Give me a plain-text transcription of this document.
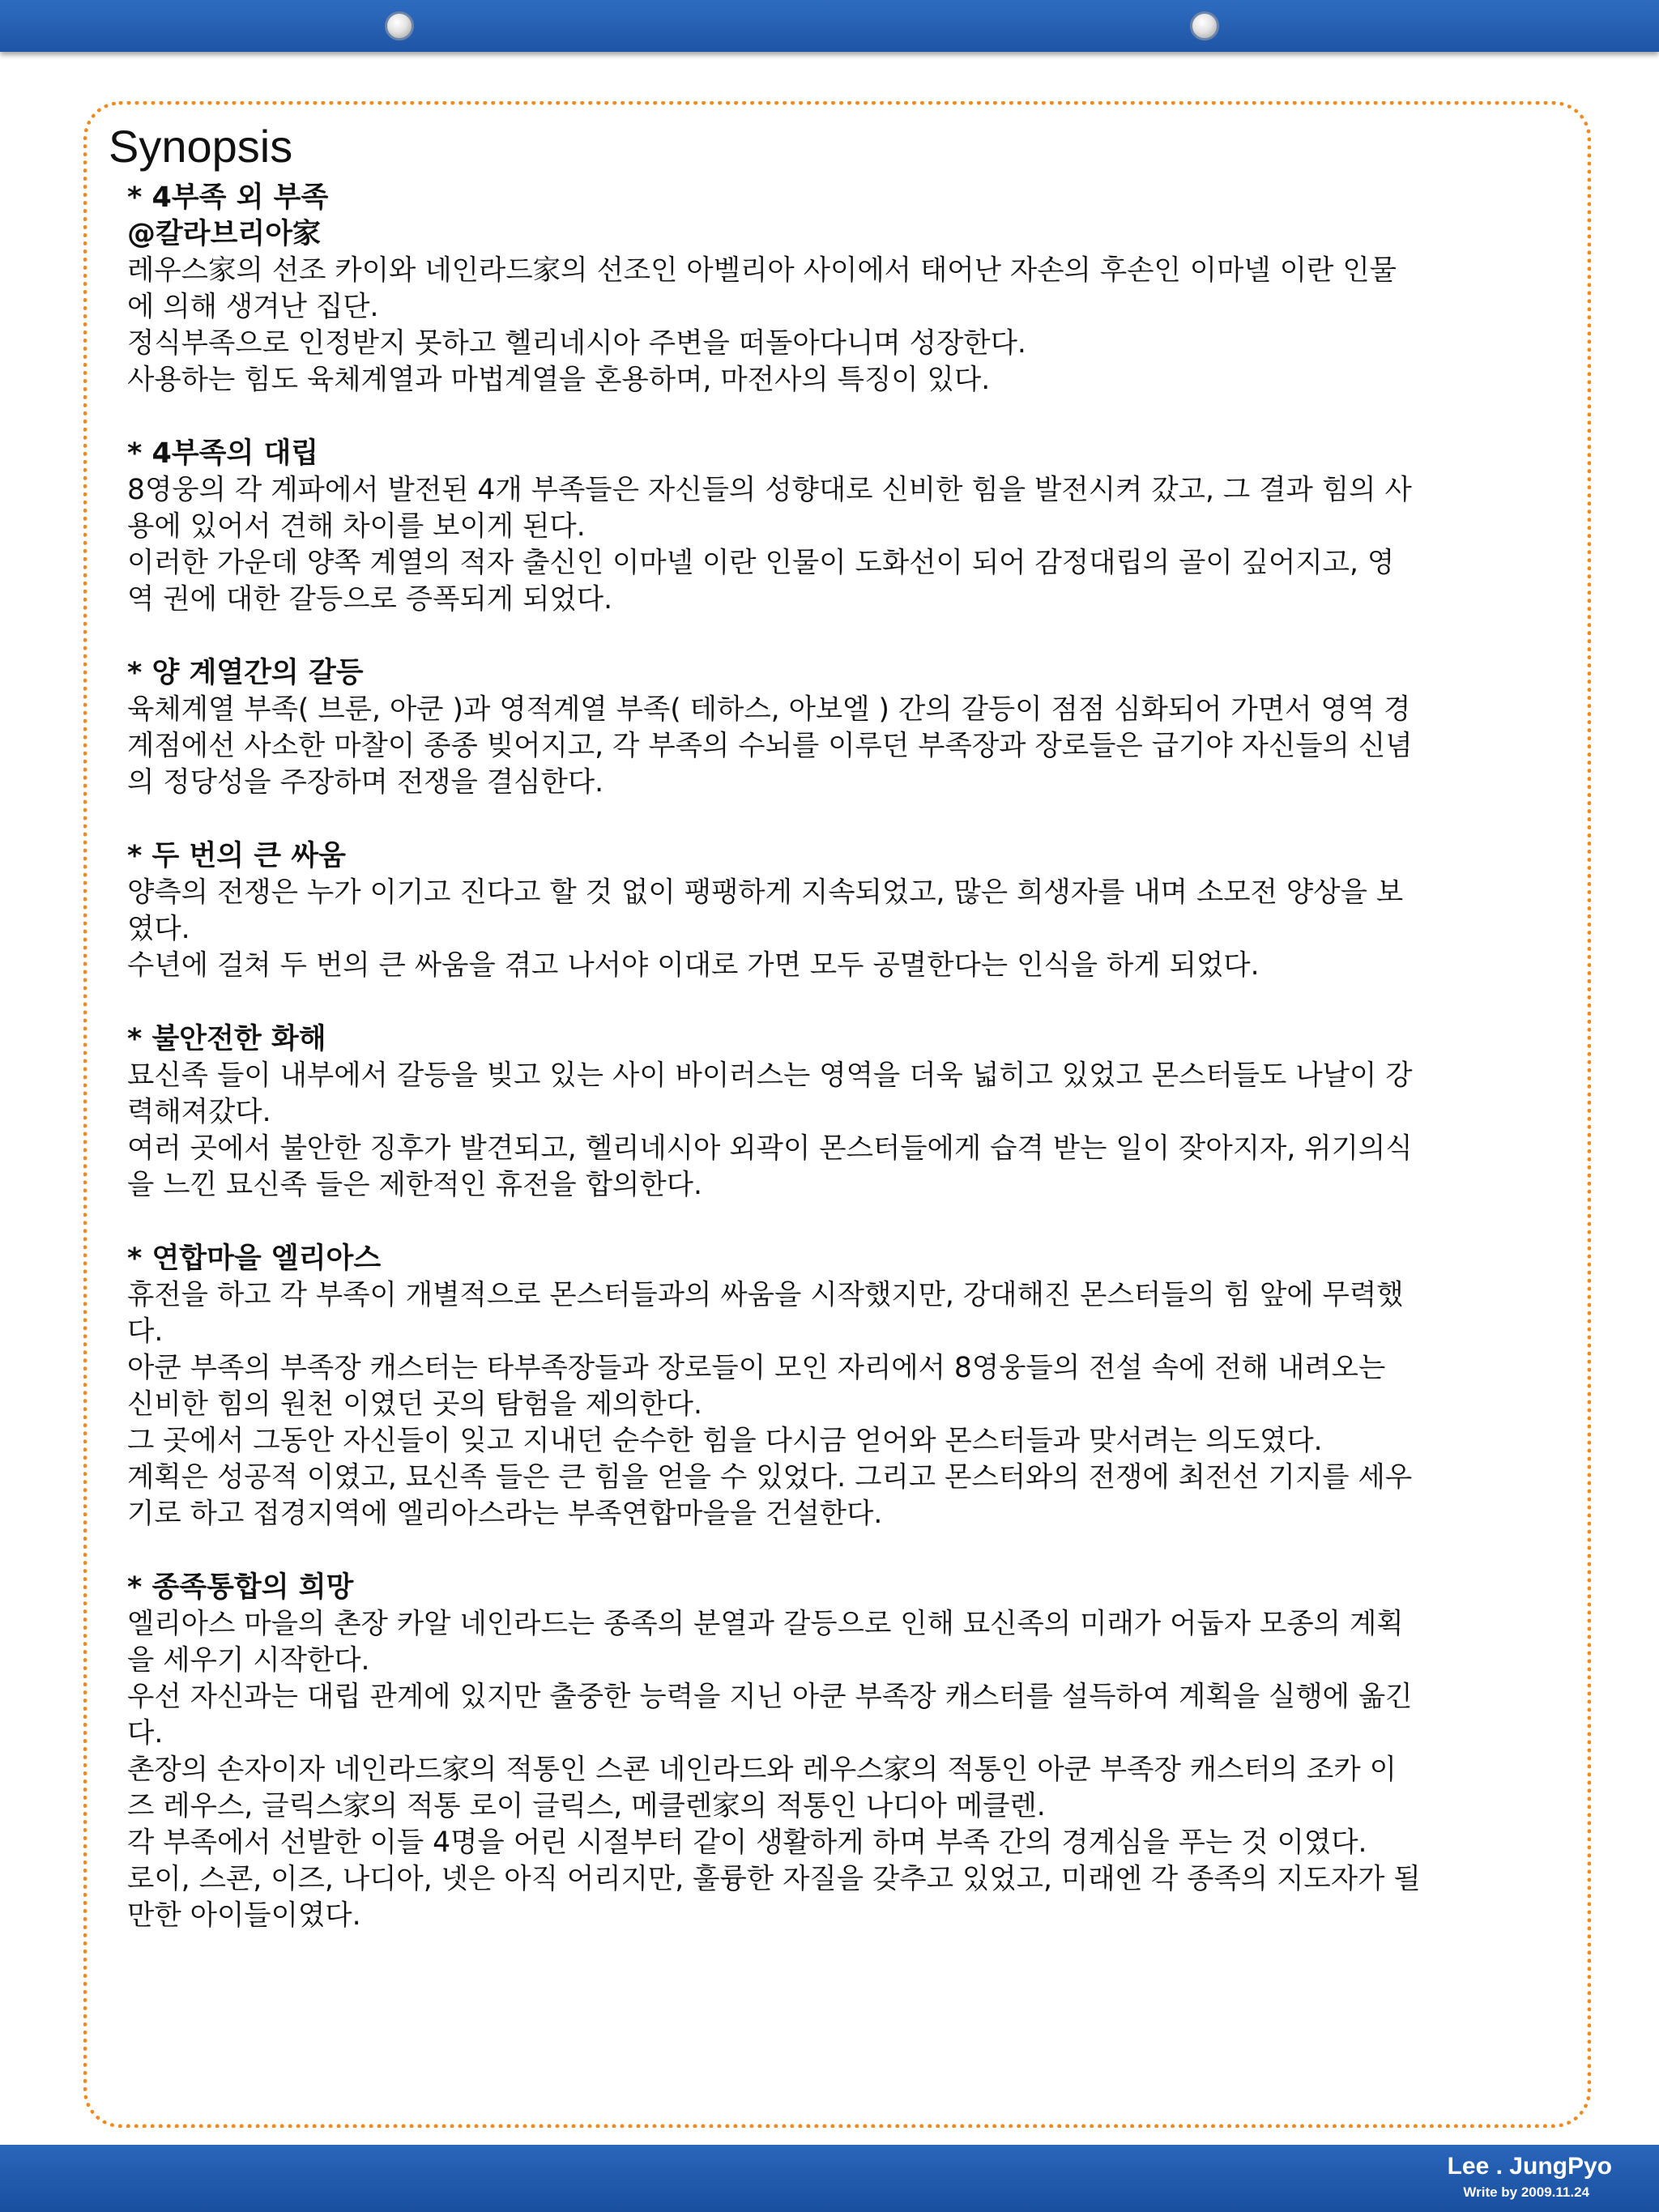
Synopsis
* 4부족 외 부족
@칼라브리아家
레우스家의 선조 카이와 네인라드家의 선조인 아벨리아 사이에서 태어난 자손의 후손인 이마넬 이란 인물
에 의해 생겨난 집단.
정식부족으로 인정받지 못하고 헬리네시아 주변을 떠돌아다니며 성장한다.
사용하는 힘도 육체계열과 마법계열을 혼용하며, 마전사의 특징이 있다.
* 4부족의 대립
8영웅의 각 계파에서 발전된 4개 부족들은 자신들의 성향대로 신비한 힘을 발전시켜 갔고, 그 결과 힘의 사
용에 있어서 견해 차이를 보이게 된다.
이러한 가운데 양쪽 계열의 적자 출신인 이마넬 이란 인물이 도화선이 되어 감정대립의 골이 깊어지고, 영
역 권에 대한 갈등으로 증폭되게 되었다.
* 양 계열간의 갈등
육체계열 부족( 브룬, 아쿤 )과 영적계열 부족( 테하스, 아보엘 ) 간의 갈등이 점점 심화되어 가면서 영역 경
계점에선 사소한 마찰이 종종 빚어지고, 각 부족의 수뇌를 이루던 부족장과 장로들은 급기야 자신들의 신념
의 정당성을 주장하며 전쟁을 결심한다.
* 두 번의 큰 싸움
양측의 전쟁은 누가 이기고 진다고 할 것 없이 팽팽하게 지속되었고, 많은 희생자를 내며 소모전 양상을 보
였다.
수년에 걸쳐 두 번의 큰 싸움을 겪고 나서야 이대로 가면 모두 공멸한다는 인식을 하게 되었다.
* 불안전한 화해
묘신족 들이 내부에서 갈등을 빚고 있는 사이 바이러스는 영역을 더욱 넓히고 있었고 몬스터들도 나날이 강
력해져갔다.
여러 곳에서 불안한 징후가 발견되고, 헬리네시아 외곽이 몬스터들에게 습격 받는 일이 잦아지자, 위기의식
을 느낀 묘신족 들은 제한적인 휴전을 합의한다.
* 연합마을 엘리아스
휴전을 하고 각 부족이 개별적으로 몬스터들과의 싸움을 시작했지만, 강대해진 몬스터들의 힘 앞에 무력했
다.
아쿤 부족의 부족장 캐스터는 타부족장들과 장로들이 모인 자리에서 8영웅들의 전설 속에 전해 내려오는
신비한 힘의 원천 이였던 곳의 탐험을 제의한다.
그 곳에서 그동안 자신들이 잊고 지내던 순수한 힘을 다시금 얻어와 몬스터들과 맞서려는 의도였다.
계획은 성공적 이였고, 묘신족 들은 큰 힘을 얻을 수 있었다. 그리고 몬스터와의 전쟁에 최전선 기지를 세우
기로 하고 접경지역에 엘리아스라는 부족연합마을을 건설한다.
* 종족통합의 희망
엘리아스 마을의 촌장 카알 네인라드는 종족의 분열과 갈등으로 인해 묘신족의 미래가 어둡자 모종의 계획
을 세우기 시작한다.
우선 자신과는 대립 관계에 있지만 출중한 능력을 지닌 아쿤 부족장 캐스터를 설득하여 계획을 실행에 옮긴
다.
촌장의 손자이자 네인라드家의 적통인 스쿈 네인라드와 레우스家의 적통인 아쿤 부족장 캐스터의 조카 이
즈 레우스, 글릭스家의 적통 로이 글릭스, 메클렌家의 적통인 나디아 메클렌.
각 부족에서 선발한 이들 4명을 어린 시절부터 같이 생활하게 하며 부족 간의 경계심을 푸는 것 이였다.
로이, 스쿈, 이즈, 나디아, 넷은 아직 어리지만, 훌륭한 자질을 갖추고 있었고, 미래엔 각 종족의 지도자가 될
만한 아이들이였다.
Lee . JungPyo
Write by 2009.11.24
